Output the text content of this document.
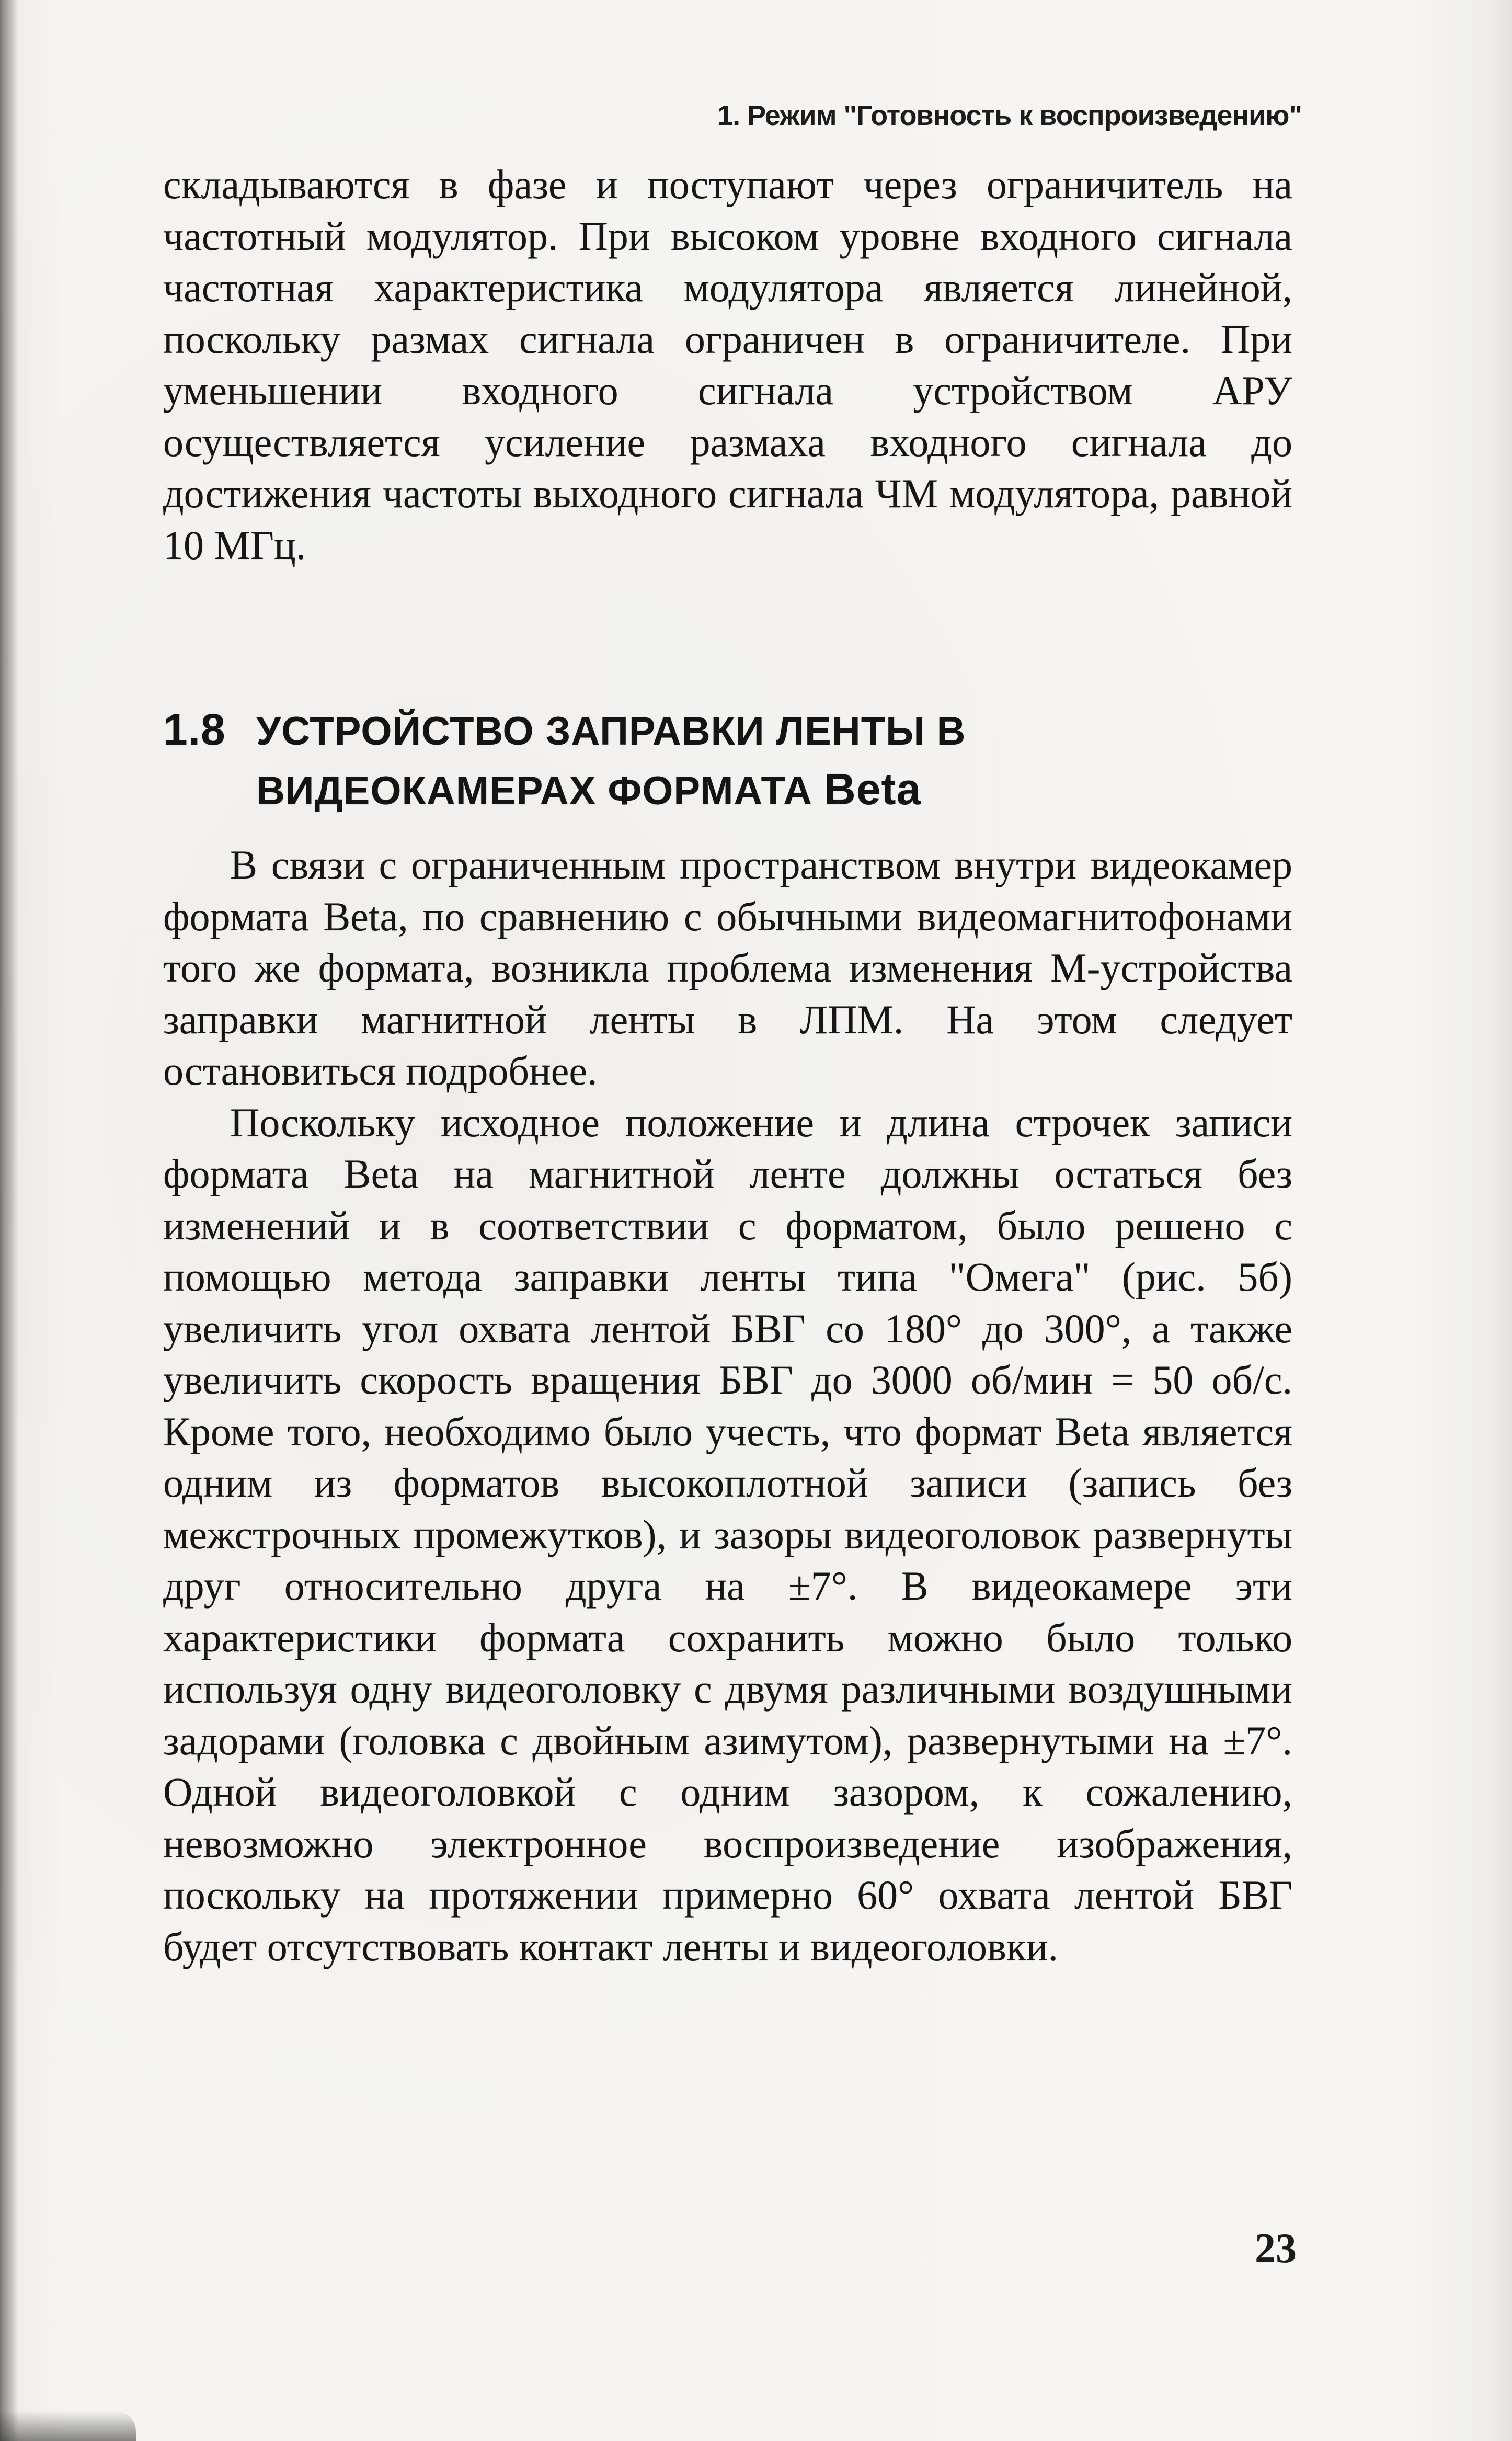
1. Режим "Готовность к воспроизведению"

складываются в фазе и поступают через ограничитель на частотный модулятор. При высоком уровне входного сигнала частотная характеристика модулятора является линейной, поскольку размах сигнала ограничен в ограничителе. При уменьшении входного сигнала устройством АРУ осуществляется усиление размаха входного сигнала до достижения частоты выходного сигнала ЧМ модулятора, равной 10 МГц.

1.8 УСТРОЙСТВО ЗАПРАВКИ ЛЕНТЫ В
ВИДЕОКАМЕРАХ ФОРМАТА Beta

В связи с ограниченным пространством внутри видеокамер формата Beta, по сравнению с обычными видеомагнитофонами того же формата, возникла проблема изменения М-устройства заправки магнитной ленты в ЛПМ. На этом следует остановиться подробнее.

Поскольку исходное положение и длина строчек записи формата Beta на магнитной ленте должны остаться без изменений и в соответствии с форматом, было решено с помощью метода заправки ленты типа "Омега" (рис. 5б) увеличить угол охвата лентой БВГ со 180° до 300°, а также увеличить скорость вращения БВГ до 3000 об/мин = 50 об/с. Кроме того, необходимо было учесть, что формат Beta является одним из форматов высокоплотной записи (запись без межстрочных промежутков), и зазоры видеоголовок развернуты друг относительно друга на ±7°. В видеокамере эти характеристики формата сохранить можно было только используя одну видеоголовку с двумя различными воздушными задорами (головка с двойным азимутом), развернутыми на ±7°. Одной видеоголовкой с одним зазором, к сожалению, невозможно электронное воспроизведение изображения, поскольку на протяжении примерно 60° охвата лентой БВГ будет отсутствовать контакт ленты и видеоголовки.

23
